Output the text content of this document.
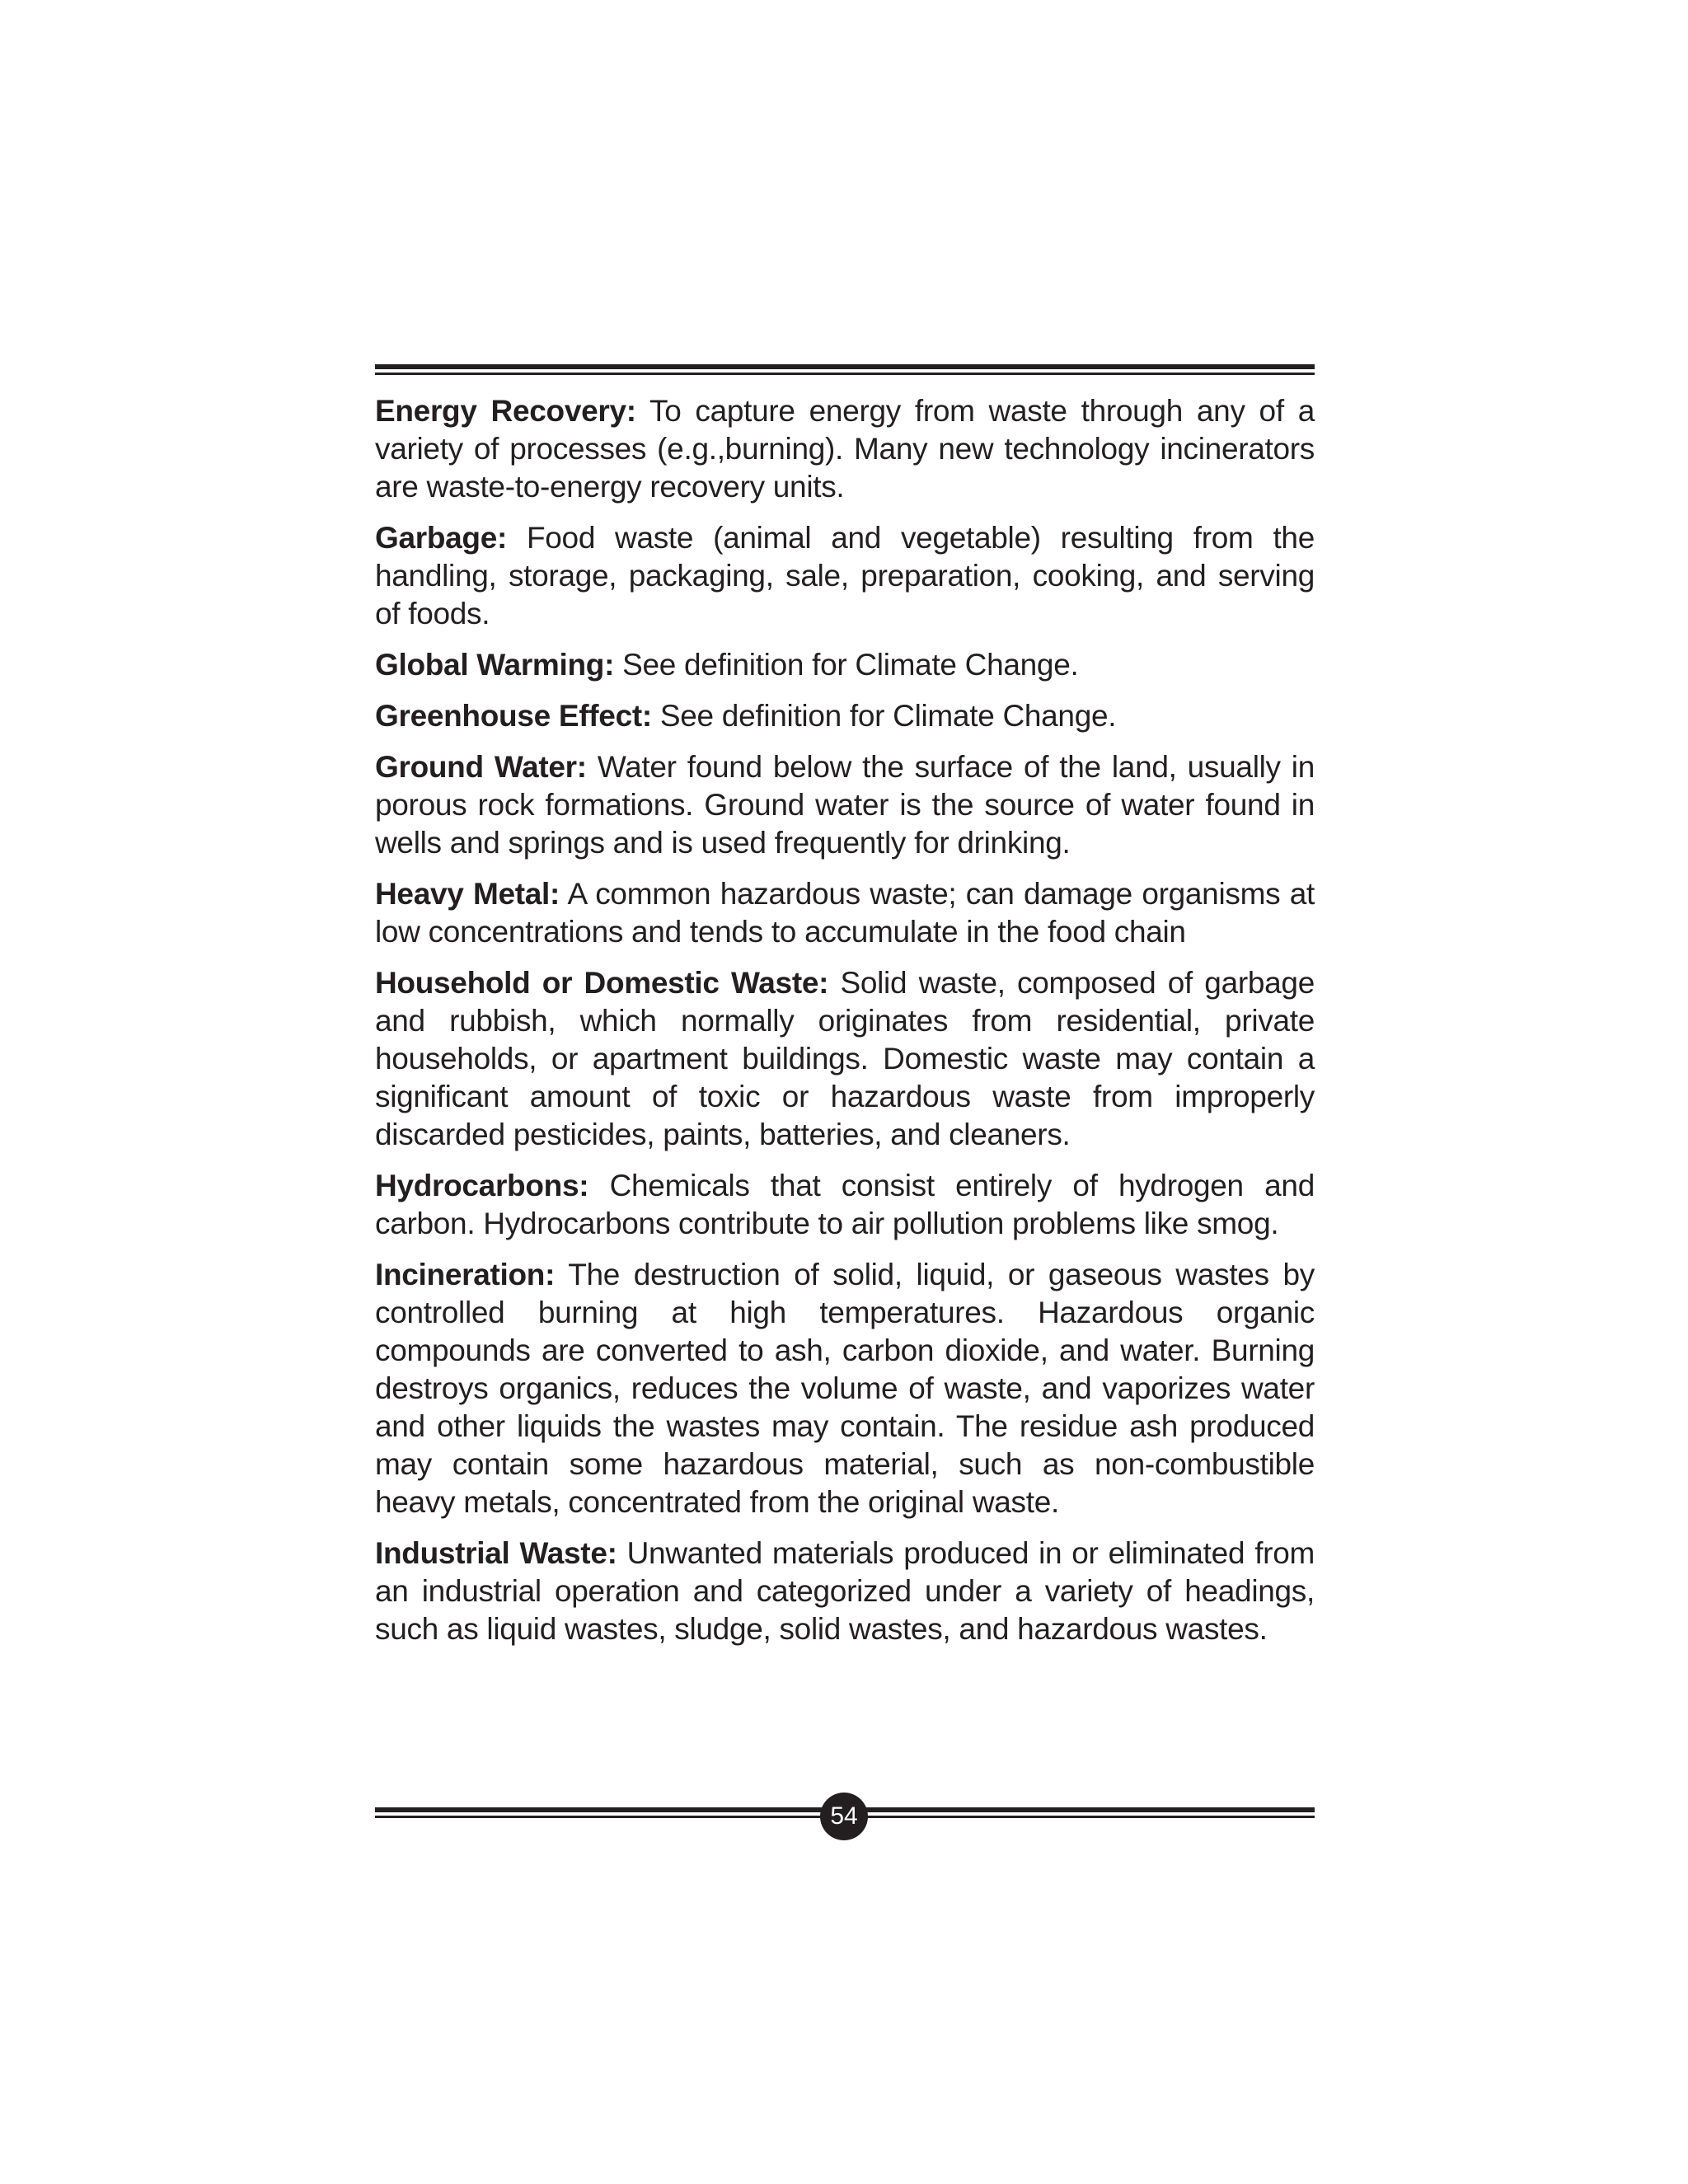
Energy Recovery: To capture energy from waste through any of a variety of processes (e.g.,burning). Many new technology incinerators are waste-to-energy recovery units.

Garbage: Food waste (animal and vegetable) resulting from the handling, storage, packaging, sale, preparation, cooking, and serving of foods.

Global Warming: See definition for Climate Change.

Greenhouse Effect: See definition for Climate Change.

Ground Water: Water found below the surface of the land, usually in porous rock formations. Ground water is the source of water found in wells and springs and is used frequently for drinking.

Heavy Metal: A common hazardous waste; can damage organisms at low concentrations and tends to accumulate in the food chain

Household or Domestic Waste: Solid waste, composed of garbage and rubbish, which normally originates from residential, private households, or apartment buildings. Domestic waste may contain a significant amount of toxic or hazardous waste from improperly discarded pesticides, paints, batteries, and cleaners.

Hydrocarbons: Chemicals that consist entirely of hydrogen and carbon. Hydrocarbons contribute to air pollution problems like smog.

Incineration: The destruction of solid, liquid, or gaseous wastes by controlled burning at high temperatures. Hazardous organic compounds are converted to ash, carbon dioxide, and water. Burning destroys organics, reduces the volume of waste, and vaporizes water and other liquids the wastes may contain. The residue ash produced may contain some hazardous material, such as non-combustible heavy metals, concentrated from the original waste.

Industrial Waste: Unwanted materials produced in or eliminated from an industrial operation and categorized under a variety of headings, such as liquid wastes, sludge, solid wastes, and hazardous wastes.

54
